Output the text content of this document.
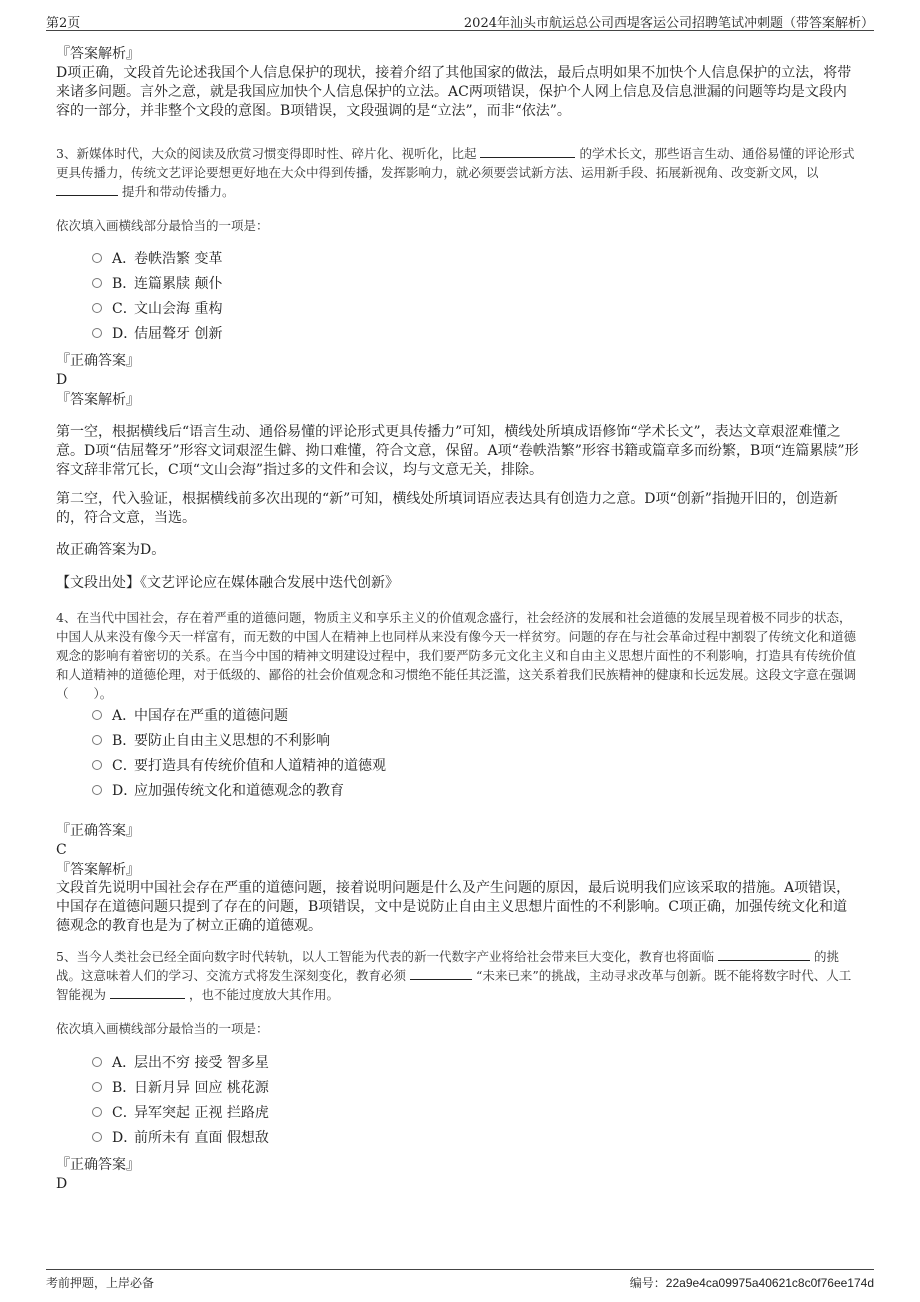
第2页	2024年汕头市航运总公司西堤客运公司招聘笔试冲刺题（带答案解析）
『答案解析』
D项正确，文段首先论述我国个人信息保护的现状，接着介绍了其他国家的做法，最后点明如果不加快个人信息保护的立法，将带来诸多问题。言外之意，就是我国应加快个人信息保护的立法。AC两项错误，保护个人网上信息及信息泄漏的问题等均是文段内容的一部分，并非整个文段的意图。B项错误，文段强调的是“立法”，而非“依法”。
3、新媒体时代，大众的阅读及欣赏习惯变得即时性、碎片化、视听化，比起	的学术长文，那些语言生动、通俗易懂的评论形式更具传播力，传统文艺评论要想更好地在大众中得到传播，发挥影响力，就必须要尝试新方法、运用新手段、拓展新视角、改变新文风，以  提升和带动传播力。
依次填入画横线部分最恰当的一项是：
A．卷帙浩繁 变革
B．连篇累牍 颠仆
C．文山会海 重构
D．佶屈聱牙 创新
『正确答案』
D
『答案解析』
第一空，根据横线后“语言生动、通俗易懂的评论形式更具传播力”可知，横线处所填成语修饰“学术长文”，表达文章艰涩难懂之意。D项“佶屈聱牙”形容文词艰涩生僻、拗口难懂，符合文意，保留。A项“卷帙浩繁”形容书籍或篇章多而纷繁，B项“连篇累牍”形容文辞非常冗长，C项“文山会海”指过多的文件和会议，均与文意无关，排除。
第二空，代入验证，根据横线前多次出现的“新”可知，横线处所填词语应表达具有创造力之意。D项“创新”指抛开旧的，创造新的，符合文意，当选。
故正确答案为D。
【文段出处】《文艺评论应在媒体融合发展中迭代创新》
4、在当代中国社会，存在着严重的道德问题，物质主义和享乐主义的价值观念盛行，社会经济的发展和社会道德的发展呈现着极不同步的状态，中国人从来没有像今天一样富有，而无数的中国人在精神上也同样从来没有像今天一样贫穷。问题的存在与社会革命过程中割裂了传统文化和道德观念的影响有着密切的关系。在当今中国的精神文明建设过程中，我们要严防多元文化主义和自由主义思想片面性的不利影响，打造具有传统价值和人道精神的道德伦理，对于低级的、鄙俗的社会价值观念和习惯绝不能任其泛滥，这关系着我们民族精神的健康和长远发展。这段文字意在强调（　　）。
A．中国存在严重的道德问题
B．要防止自由主义思想的不利影响
C．要打造具有传统价值和人道精神的道德观
D．应加强传统文化和道德观念的教育
『正确答案』
C
『答案解析』
文段首先说明中国社会存在严重的道德问题，接着说明问题是什么及产生问题的原因，最后说明我们应该采取的措施。A项错误，中国存在道德问题只提到了存在的问题，B项错误，文中是说防止自由主义思想片面性的不利影响。C项正确，加强传统文化和道德观念的教育也是为了树立正确的道德观。
5、当今人类社会已经全面向数字时代转轨，以人工智能为代表的新一代数字产业将给社会带来巨大变化，教育也将面临	的挑战。这意味着人们的学习、交流方式将发生深刻变化，教育必须	“未来已来”的挑战，主动寻求改革与创新。既不能将数字时代、人工智能视为	，也不能过度放大其作用。
依次填入画横线部分最恰当的一项是：
A．层出不穷 接受 智多星
B．日新月异 回应 桃花源
C．异军突起 正视 拦路虎
D．前所未有 直面 假想敌
『正确答案』
D
考前押题，上岸必备	编号：22a9e4ca09975a40621c8c0f76ee174d
